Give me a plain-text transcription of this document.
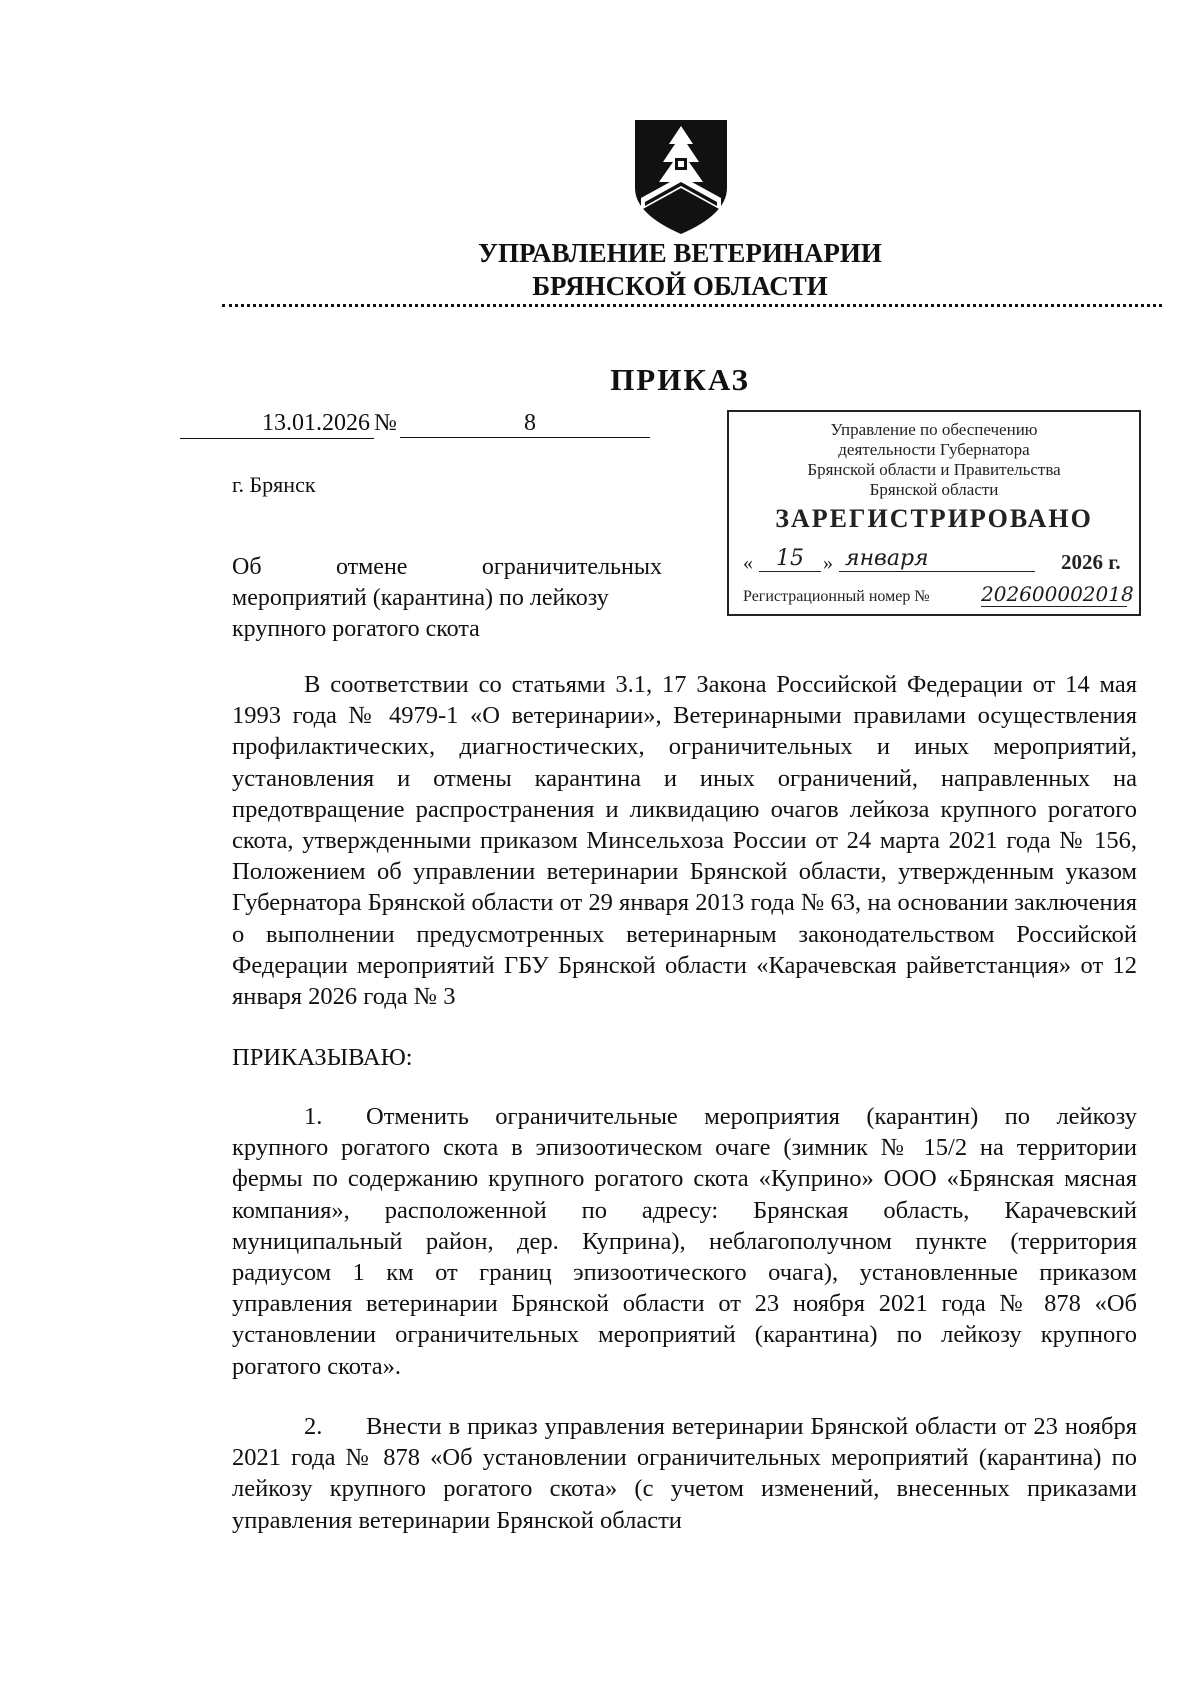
УПРАВЛЕНИЕ ВЕТЕРИНАРИИ
БРЯНСКОЙ ОБЛАСТИ
ПРИКАЗ
13.01.2026 №	8
г. Брянск
Управление по обеспечению
деятельности Губернатора
Брянской области и Правительства
Брянской области
ЗАРЕГИСТРИРОВАНО
«	15 » января	2026 г.
Регистрационный номер №	202600002018
Об	отмене	ограничительных
мероприятий (карантина) по лейкозу крупного рогатого скота
В соответствии со статьями 3.1, 17 Закона Российской Федерации от 14 мая 1993 года № 4979-1 «О ветеринарии», Ветеринарными правилами осуществления профилактических, диагностических, ограничительных и иных мероприятий, установления и отмены карантина и иных ограничений, направленных на предотвращение распространения и ликвидацию очагов лейкоза крупного рогатого скота, утвержденными приказом Минсельхоза России от 24 марта 2021 года № 156, Положением об управлении ветеринарии Брянской области, утвержденным указом Губернатора Брянской области от 29 января 2013 года № 63, на основании заключения о выполнении предусмотренных ветеринарным законодательством Российской Федерации мероприятий ГБУ Брянской области «Карачевская райветстанция» от 12 января 2026 года № 3
ПРИКАЗЫВАЮ:
1. Отменить ограничительные мероприятия (карантин) по лейкозу крупного рогатого скота в эпизоотическом очаге (зимник № 15/2 на территории фермы по содержанию крупного рогатого скота «Куприно» ООО «Брянская мясная компания», расположенной по адресу: Брянская область, Карачевский муниципальный район, дер. Куприна), неблагополучном пункте (территория радиусом 1 км от границ эпизоотического очага), установленные приказом управления ветеринарии Брянской области от 23 ноября 2021 года № 878 «Об установлении ограничительных мероприятий (карантина) по лейкозу крупного рогатого скота».
2. Внести в приказ управления ветеринарии Брянской области от 23 ноября 2021 года № 878 «Об установлении ограничительных мероприятий (карантина) по лейкозу крупного рогатого скота» (с учетом изменений, внесенных приказами управления ветеринарии Брянской области
